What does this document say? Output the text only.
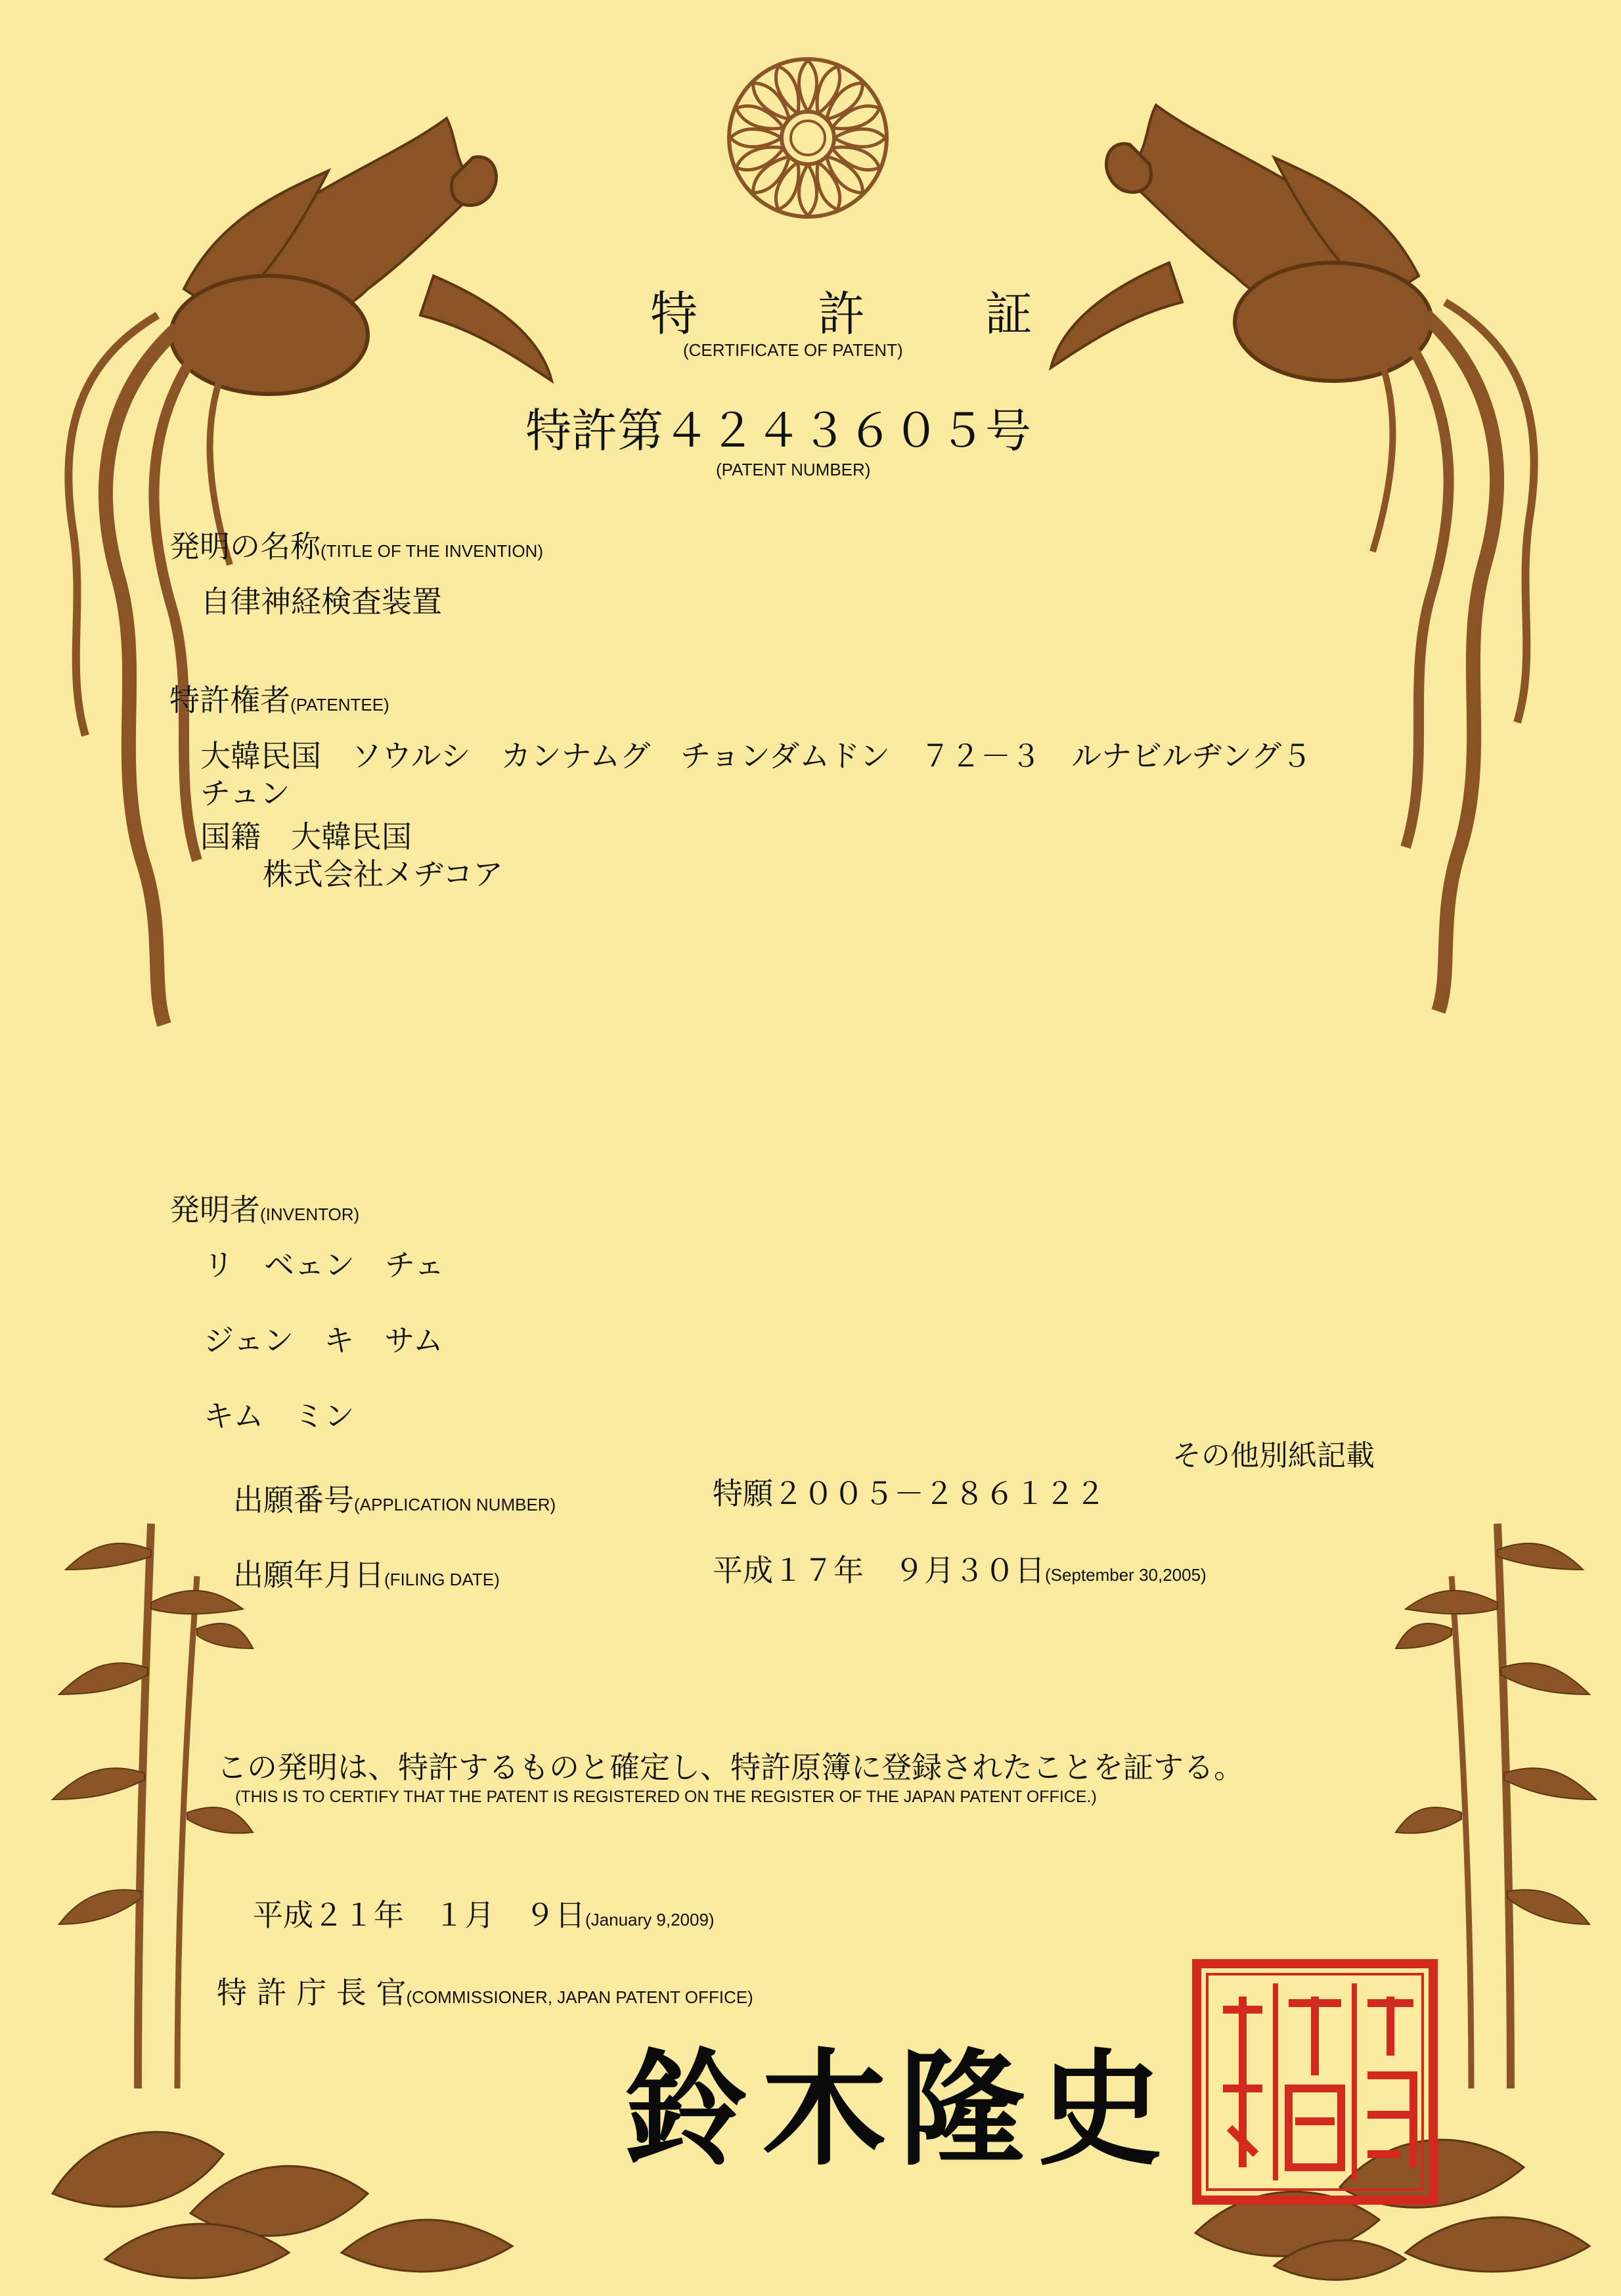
特 許 証
(CERTIFICATE OF PATENT)
特許第４２４３６０５号
(PATENT NUMBER)
発明の名称(TITLE OF THE INVENTION)
自律神経検査装置
特許権者(PATENTEE)
大韓民国　ソウルシ　カンナムグ　チョンダムドン　７２－３　ルナビルヂング５
チュン
国籍　大韓民国
株式会社メヂコア
発明者(INVENTOR)
リ　ベェン　チェ
ジェン　キ　サム
キム　ミン
その他別紙記載
出願番号(APPLICATION NUMBER)	特願２００５－２８６１２２
出願年月日(FILING DATE)	平成１７年　９月３０日(September 30,2005)
この発明は、特許するものと確定し、特許原簿に登録されたことを証する。
(THIS IS TO CERTIFY THAT THE PATENT IS REGISTERED ON THE REGISTER OF THE JAPAN PATENT OFFICE.)
平成２１年　１月　９日(January 9,2009)
特 許 庁 長 官(COMMISSIONER, JAPAN PATENT OFFICE)
鈴木隆史
